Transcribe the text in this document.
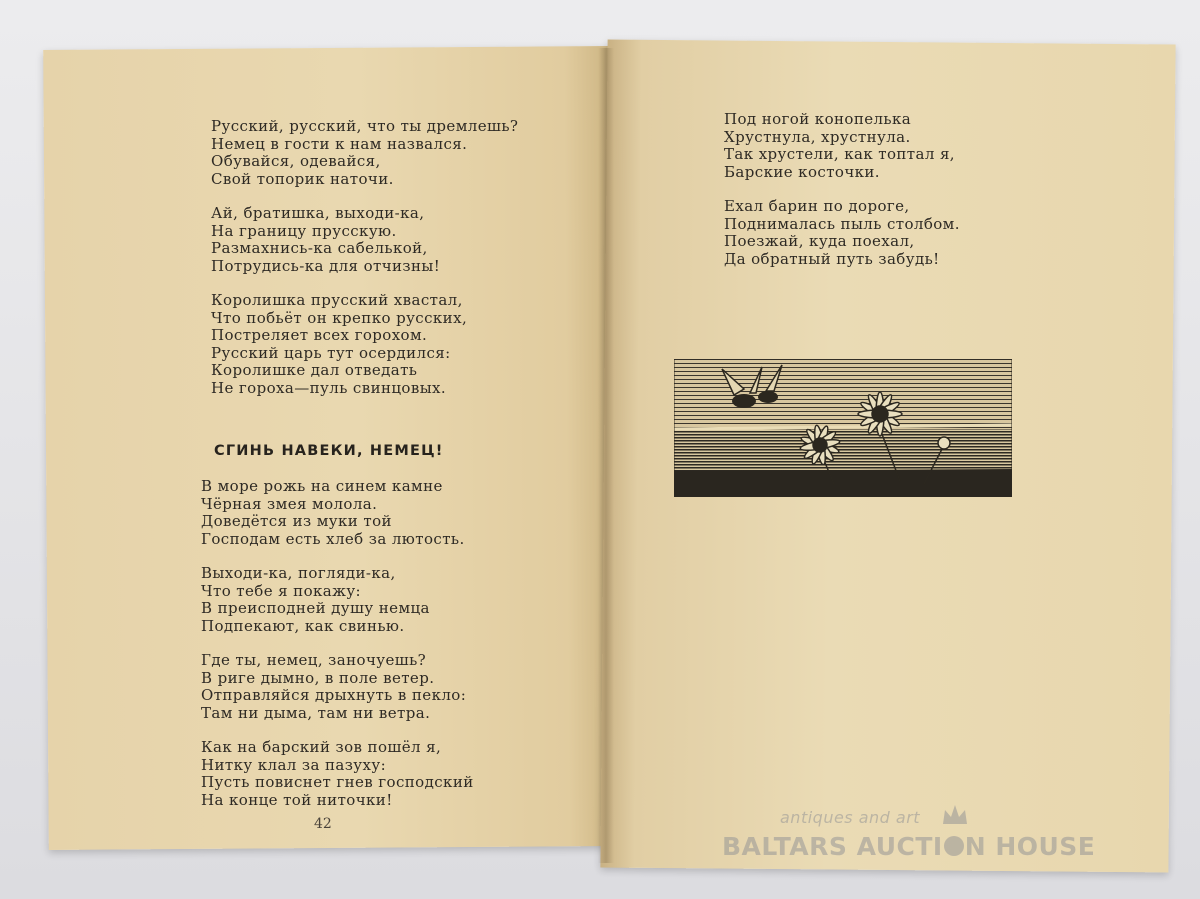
Русский, русский, что ты дремлешь?
Немец в гости к нам назвался.
Обувайся, одевайся,
Свой топорик наточи.
Ай, братишка, выходи-ка,
На границу прусскую.
Размахнись-ка сабелькой,
Потрудись-ка для отчизны!
Королишка прусский хвастал,
Что побьёт он крепко русских,
Постреляет всех горохом.
Русский царь тут осердился:
Королишке дал отведать
Не гороха—пуль свинцовых.
СГИНЬ НАВЕКИ, НЕМЕЦ!
В море рожь на синем камне
Чёрная змея молола.
Доведётся из муки той
Господам есть хлеб за лютость.
Выходи-ка, погляди-ка,
Что тебе я покажу:
В преисподней душу немца
Подпекают, как свинью.
Где ты, немец, заночуешь?
В риге дымно, в поле ветер.
Отправляйся дрыхнуть в пекло:
Там ни дыма, там ни ветра.
Как на барский зов пошёл я,
Нитку клал за пазуху:
Пусть повиснет гнев господский
На конце той ниточки!
42
Под ногой конопелька
Хрустнула, хрустнула.
Так хрустели, как топтал я,
Барские косточки.
Ехал барин по дороге,
Поднималась пыль столбом.
Поезжай, куда поехал,
Да обратный путь забудь!
antiques and art
BALTARS AUCTI N HOUSE
